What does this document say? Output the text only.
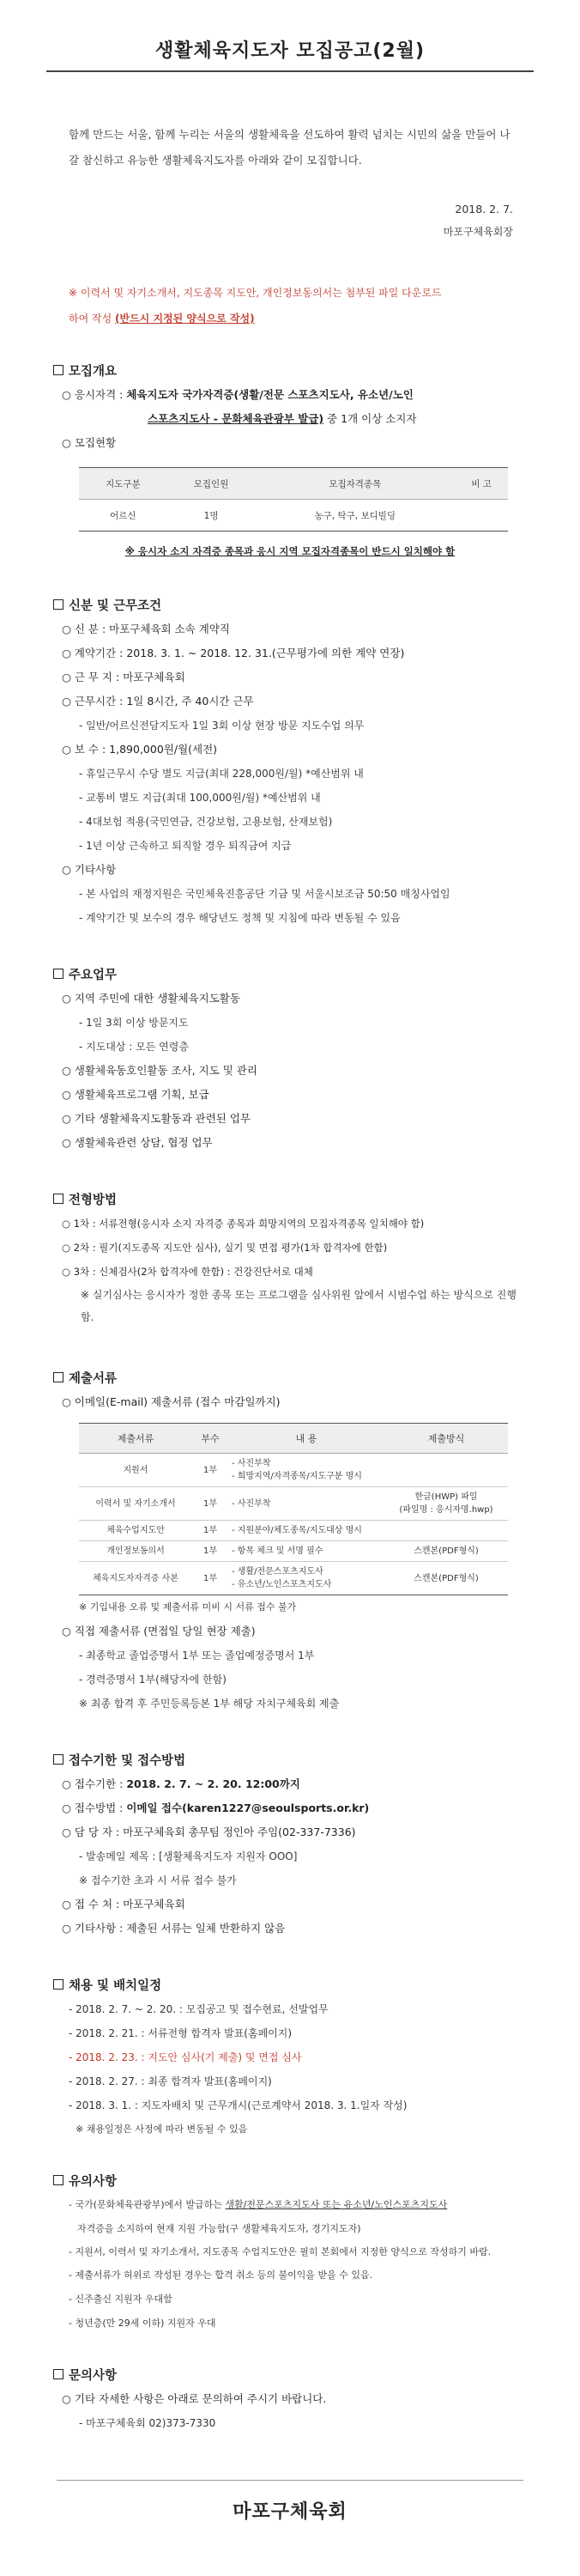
생활체육지도자 모집공고(2월)
함께 만드는 서울, 함께 누리는 서울의 생활체육을 선도하여 활력 넘치는 시민의 삶을 만들어 나갈 참신하고 유능한 생활체육지도자를 아래와 같이 모집합니다.
2018. 2. 7.
마포구체육회장
※ 이력서 및 자기소개서, 지도종목 지도안, 개인정보동의서는 첨부된 파일 다운로드
하여 작성 (반드시 지정된 양식으로 작성)
모집개요
○ 응시자격 : 체육지도자 국가자격증(생활/전문 스포츠지도사, 유소년/노인
스포츠지도사 - 문화체육관광부 발급) 중 1개 이상 소지자
○ 모집현황
지도구분	모집인원	모집자격종목	비 고
어르신	1명	농구, 탁구, 보디빌딩	
※ 응시자 소지 자격증 종목과 응시 지역 모집자격종목이 반드시 일치해야 함
신분 및 근무조건
○ 신 분 : 마포구체육회 소속 계약직
○ 계약기간 : 2018. 3. 1. ~ 2018. 12. 31.(근무평가에 의한 계약 연장)
○ 근 무 지 : 마포구체육회
○ 근무시간 : 1일 8시간, 주 40시간 근무
- 일반/어르신전담지도자 1일 3회 이상 현장 방문 지도수업 의무
○ 보 수 : 1,890,000원/월(세전)
- 휴일근무시 수당 별도 지급(최대 228,000원/월) *예산범위 내
- 교통비 별도 지급(최대 100,000원/월) *예산범위 내
- 4대보험 적용(국민연금, 건강보험, 고용보험, 산재보험)
- 1년 이상 근속하고 퇴직할 경우 퇴직금여 지급
○ 기타사항
- 본 사업의 재정지원은 국민체육진흥공단 기금 및 서울시보조금 50:50 매칭사업임
- 계약기간 및 보수의 경우 해당년도 정책 및 지침에 따라 변동될 수 있음
주요업무
○ 지역 주민에 대한 생활체육지도활동
- 1일 3회 이상 방문지도
- 지도대상 : 모든 연령층
○ 생활체육동호인활동 조사, 지도 및 관리
○ 생활체육프로그램 기획, 보급
○ 기타 생활체육지도활동과 관련된 업무
○ 생활체육관련 상담, 협정 업무
전형방법
○ 1차 : 서류전형(응시자 소지 자격증 종목과 희망지역의 모집자격종목 일치해야 함)
○ 2차 : 필기(지도종목 지도안 심사), 실기 및 면접 평가(1차 합격자에 한함)
○ 3차 : 신체검사(2차 합격자에 한함) : 건강진단서로 대체
※ 실기심사는 응시자가 정한 종목 또는 프로그램을 심사위원 앞에서 시범수업 하는 방식으로 진행함.
제출서류
○ 이메일(E-mail) 제출서류 (접수 마감일까지)
제출서류	부수	내 용	제출방식
지원서	1부	- 사진부착
- 희망지역/자격종목/지도구분 명시	
이력서 및 자기소개서	1부	- 사진부착	한글(HWP) 파일
(파일명 : 응시자명.hwp)
체육수업지도안	1부	- 지원분야/체도종목/지도대상 명시	
개인정보동의서	1부	- 항목 체크 및 서명 필수	스캔본(PDF형식)
체육지도자자격증 사본	1부	- 생활/전문스포츠지도사
- 유소년/노인스포츠지도사	스캔본(PDF형식)
※ 기입내용 오류 및 제출서류 미비 시 서류 접수 불가
○ 직접 제출서류 (면접일 당일 현장 제출)
- 최종학교 졸업증명서 1부 또는 졸업예정증명서 1부
- 경력증명서 1부(해당자에 한함)
※ 최종 합격 후 주민등록등본 1부 해당 자치구체육회 제출
접수기한 및 접수방법
○ 접수기한 : 2018. 2. 7. ~ 2. 20. 12:00까지
○ 접수방법 : 이메일 접수(karen1227@seoulsports.or.kr)
○ 담 당 자 : 마포구체육회 총무팀 정인아 주임(02-337-7336)
- 발송메일 제목 : [생활체육지도자 지원자 OOO]
※ 접수기한 초과 시 서류 접수 불가
○ 접 수 처 : 마포구체육회
○ 기타사항 : 제출된 서류는 일체 반환하지 않음
채용 및 배치일정
- 2018. 2. 7. ~ 2. 20. : 모집공고 및 접수현료, 선발업무
- 2018. 2. 21. : 서류전형 합격자 발표(홈페이지)
- 2018. 2. 23. : 지도안 심사(기 제출) 및 면접 심사
- 2018. 2. 27. : 최종 합격자 발표(홈페이지)
- 2018. 3. 1. : 지도자배치 및 근무개시(근로계약서 2018. 3. 1.일자 작성)
※ 채용일정은 사정에 따라 변동될 수 있음
유의사항
- 국가(문화체육관광부)에서 발급하는 생활/전문스포츠지도사 또는 유소년/노인스포츠지도사
자격증을 소지하여 현재 지원 가능함(구 생활체육지도자, 경기지도자)
- 지원서, 이력서 및 자기소개서, 지도종목 수업지도안은 필히 본회에서 지정한 양식으로 작성하기 바람.
- 제출서류가 허위로 작성된 경우는 합격 취소 등의 불이익을 받을 수 있음.
- 신주출신 지원자 우대함
- 청년층(만 29세 이하) 지원자 우대
문의사항
○ 기타 자세한 사항은 아래로 문의하여 주시기 바랍니다.
- 마포구체육회 02)373-7330
마포구체육회
